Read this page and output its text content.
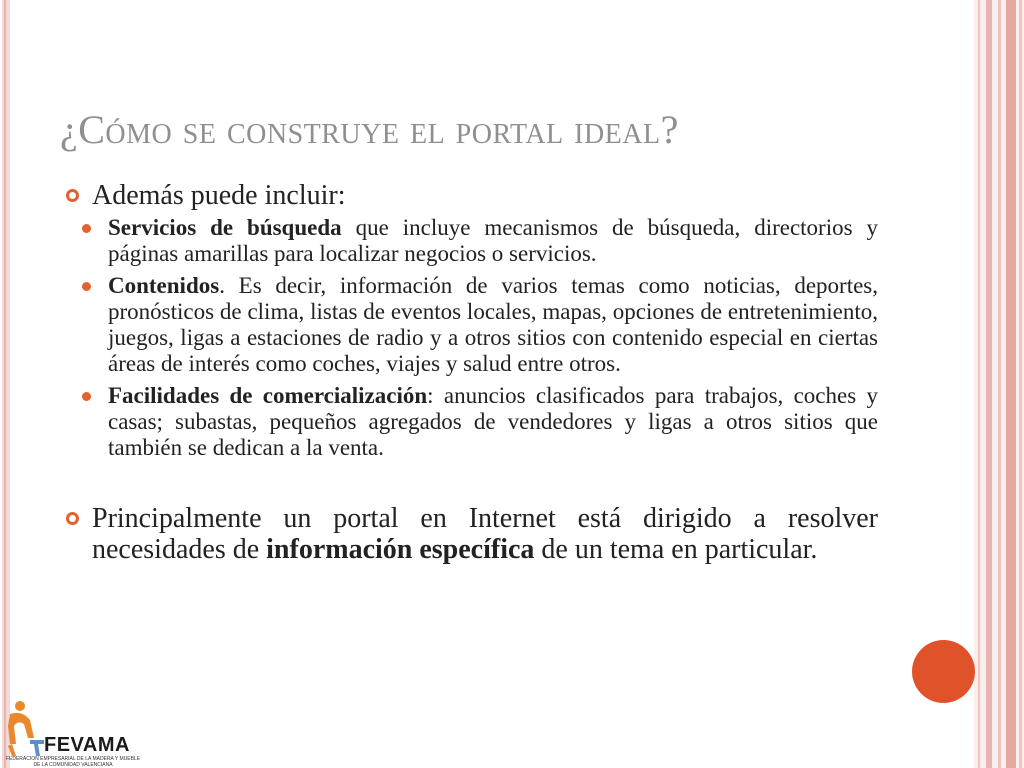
¿Cómo se construye el portal ideal?
Además puede incluir:
Servicios de búsqueda que incluye mecanismos de búsqueda, directorios y páginas amarillas para localizar negocios o servicios.
Contenidos. Es decir, información de varios temas como noticias, deportes, pronósticos de clima, listas de eventos locales, mapas, opciones de entretenimiento, juegos, ligas a estaciones de radio y a otros sitios con contenido especial en ciertas áreas de interés como coches, viajes y salud entre otros.
Facilidades de comercialización: anuncios clasificados para trabajos, coches y casas; subastas, pequeños agregados de vendedores y ligas a otros sitios que también se dedican a la venta.
Principalmente un portal en Internet está dirigido a resolver necesidades de información específica de un tema en particular.
FEVAMA
FEDERACION EMPRESARIAL DE LA MADERA Y MUEBLE
DE LA COMUNIDAD VALENCIANA
